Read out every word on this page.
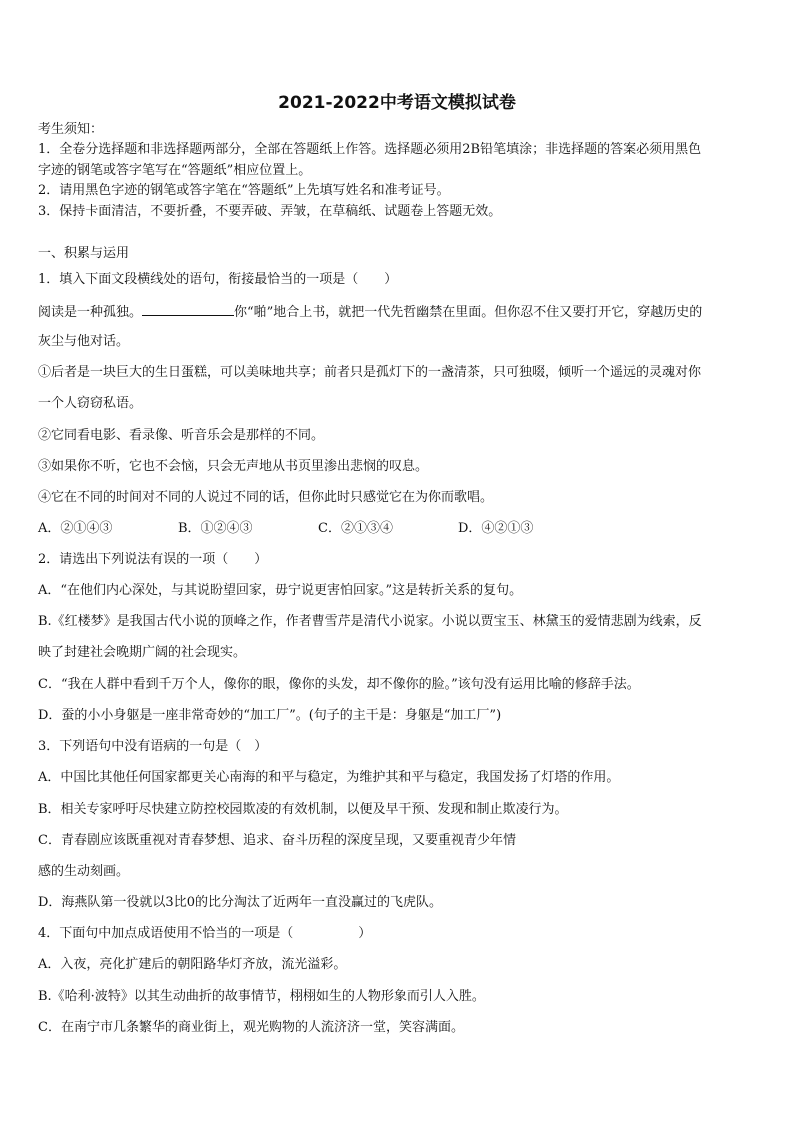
2021-2022中考语文模拟试卷
考生须知：
1．全卷分选择题和非选择题两部分，全部在答题纸上作答。选择题必须用2B铅笔填涂；非选择题的答案必须用黑色
字迹的钢笔或答字笔写在“答题纸”相应位置上。
2．请用黑色字迹的钢笔或答字笔在“答题纸”上先填写姓名和准考证号。
3．保持卡面清洁，不要折叠，不要弄破、弄皱，在草稿纸、试题卷上答题无效。
一、积累与运用
1．填入下面文段横线处的语句，衔接最恰当的一项是（　　）
阅读是一种孤独。	你“啪”地合上书，就把一代先哲幽禁在里面。但你忍不住又要打开它，穿越历史的
灰尘与他对话。
①后者是一块巨大的生日蛋糕，可以美味地共享；前者只是孤灯下的一盏清茶，只可独啜，倾听一个遥远的灵魂对你
一个人窃窃私语。
②它同看电影、看录像、听音乐会是那样的不同。
③如果你不听，它也不会恼，只会无声地从书页里渗出悲悯的叹息。
④它在不同的时间对不同的人说过不同的话，但你此时只感觉它在为你而歌唱。
A．②①④③	B．①②④③	C．②①③④	D．④②①③
2．请选出下列说法有误的一项（　　）
A．“在他们内心深处，与其说盼望回家，毋宁说更害怕回家。”这是转折关系的复句。
B.《红楼梦》是我国古代小说的顶峰之作，作者曹雪芹是清代小说家。小说以贾宝玉、林黛玉的爱情悲剧为线索，反
映了封建社会晚期广阔的社会现实。
C．“我在人群中看到千万个人，像你的眼，像你的头发，却不像你的脸。”该句没有运用比喻的修辞手法。
D．蚕的小小身躯是一座非常奇妙的“加工厂”。(句子的主干是：身躯是“加工厂”)
3．下列语句中没有语病的一句是（　）
A．中国比其他任何国家都更关心南海的和平与稳定，为维护其和平与稳定，我国发扬了灯塔的作用。
B．相关专家呼吁尽快建立防控校园欺凌的有效机制，以便及早干预、发现和制止欺凌行为。
C．青春剧应该既重视对青春梦想、追求、奋斗历程的深度呈现，又要重视青少年情
感的生动刻画。
D．海燕队第一役就以3比0的比分淘汰了近两年一直没赢过的飞虎队。
4．下面句中加点成语使用不恰当的一项是（　　　　　）
A．入夜，亮化扩建后的朝阳路华灯齐放，流光溢彩。
B.《哈利·波特》以其生动曲折的故事情节，栩栩如生的人物形象而引人入胜。
C．在南宁市几条繁华的商业街上，观光购物的人流济济一堂，笑容满面。
